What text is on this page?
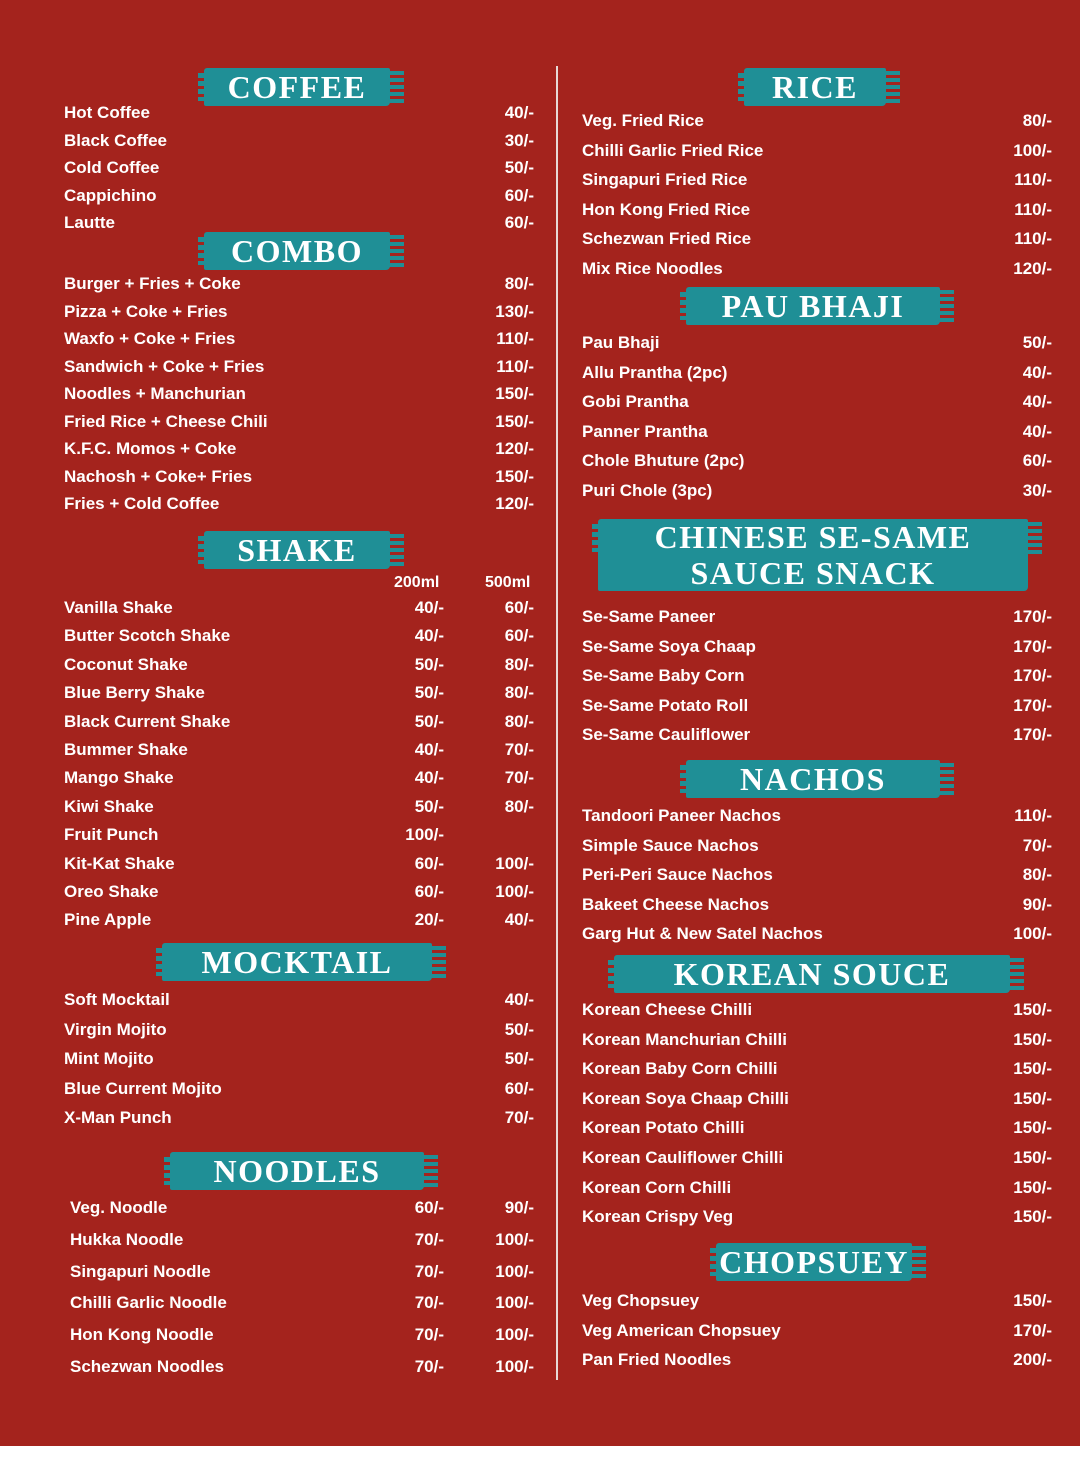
COFFEE
Hot Coffee	40/-
Black Coffee	30/-
Cold Coffee	50/-
Cappichino	60/-
Lautte	60/-
COMBO
Burger + Fries + Coke	80/-
Pizza + Coke + Fries	130/-
Waxfo + Coke + Fries	110/-
Sandwich + Coke + Fries	110/-
Noodles + Manchurian	150/-
Fried Rice + Cheese Chili	150/-
K.F.C. Momos + Coke	120/-
Nachosh + Coke+ Fries	150/-
Fries + Cold Coffee	120/-
SHAKE
200ml	500ml
Vanilla Shake	40/-	60/-
Butter Scotch Shake	40/-	60/-
Coconut Shake	50/-	80/-
Blue Berry Shake	50/-	80/-
Black Current Shake	50/-	80/-
Bummer Shake	40/-	70/-
Mango Shake	40/-	70/-
Kiwi Shake	50/-	80/-
Fruit Punch	100/-
Kit-Kat Shake	60/-	100/-
Oreo Shake	60/-	100/-
Pine Apple	20/-	40/-
MOCKTAIL
Soft Mocktail	40/-
Virgin Mojito	50/-
Mint Mojito	50/-
Blue Current Mojito	60/-
X-Man Punch	70/-
NOODLES
Veg. Noodle	60/-	90/-
Hukka Noodle	70/-	100/-
Singapuri Noodle	70/-	100/-
Chilli Garlic Noodle	70/-	100/-
Hon Kong Noodle	70/-	100/-
Schezwan Noodles	70/-	100/-
RICE
Veg. Fried Rice	80/-
Chilli Garlic Fried Rice	100/-
Singapuri Fried Rice	110/-
Hon Kong Fried Rice	110/-
Schezwan Fried Rice	110/-
Mix Rice Noodles	120/-
PAU BHAJI
Pau Bhaji	50/-
Allu Prantha (2pc)	40/-
Gobi Prantha	40/-
Panner Prantha	40/-
Chole Bhuture (2pc)	60/-
Puri Chole (3pc)	30/-
CHINESE SE-SAME
SAUCE SNACK
Se-Same Paneer	170/-
Se-Same Soya Chaap	170/-
Se-Same Baby Corn	170/-
Se-Same Potato Roll	170/-
Se-Same Cauliflower	170/-
NACHOS
Tandoori Paneer Nachos	110/-
Simple Sauce Nachos	70/-
Peri-Peri Sauce Nachos	80/-
Bakeet Cheese Nachos	90/-
Garg Hut & New Satel Nachos	100/-
KOREAN SOUCE
Korean Cheese Chilli	150/-
Korean Manchurian Chilli	150/-
Korean Baby Corn Chilli	150/-
Korean Soya Chaap Chilli	150/-
Korean Potato Chilli	150/-
Korean Cauliflower Chilli	150/-
Korean Corn Chilli	150/-
Korean Crispy Veg	150/-
CHOPSUEY
Veg Chopsuey	150/-
Veg American Chopsuey	170/-
Pan Fried Noodles	200/-
